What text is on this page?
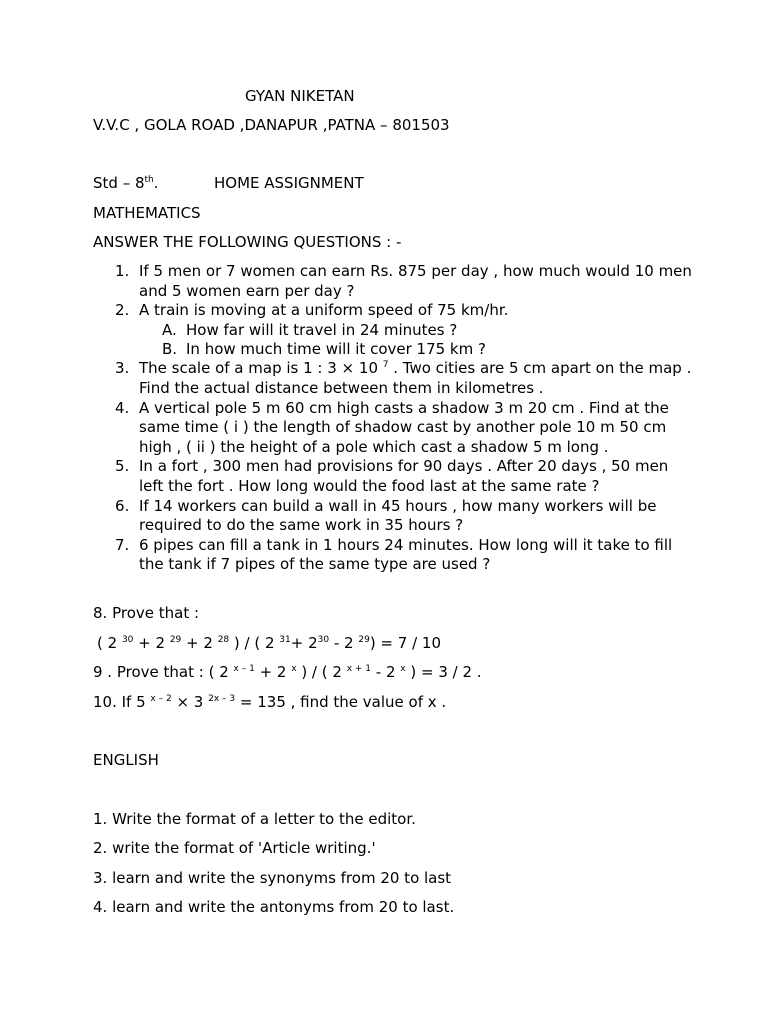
GYAN NIKETAN
V.V.C , GOLA ROAD ,DANAPUR ,PATNA – 801503
Std – 8th.	HOME ASSIGNMENT
MATHEMATICS
ANSWER THE FOLLOWING QUESTIONS : -
1. If 5 men or 7 women can earn Rs. 875 per day , how much would 10 men and 5 women earn per day ?
2. A train is moving at a uniform speed of 75 km/hr.
A. How far will it travel in 24 minutes ?
B. In how much time will it cover 175 km ?
3. The scale of a map is 1 : 3 × 10 $^7$ . Two cities are 5 cm apart on the map . Find the actual distance between them in kilometres .
4. A vertical pole 5 m 60 cm high casts a shadow 3 m 20 cm . Find at the same time ( i ) the length of shadow cast by another pole 10 m 50 cm high , ( ii ) the height of a pole which cast a shadow 5 m long .
5. In a fort , 300 men had provisions for 90 days . After 20 days , 50 men left the fort . How long would the food last at the same rate ?
6. If 14 workers can build a wall in 45 hours , how many workers will be required to do the same work in 35 hours ?
7. 6 pipes can fill a tank in 1 hours 24 minutes. How long will it take to fill the tank if 7 pipes of the same type are used ?
8. Prove that :
( 2 $^{30}$ + 2 $^{29}$ + 2 $^{28}$ ) / ( 2 $^{31}+ 2^{30} - 2$ $^{29}$) = 7 / 10
9 . Prove that : ( 2 $^{x - 1}$ + 2 $^x$ ) / ( 2 $^{x + 1}$ - 2 $^x$ ) = 3 / 2 .
10. If 5 $^{x - 2}$ × 3 $^{2x - 3}$ = 135 , find the value of x .
ENGLISH
1. Write the format of a letter to the editor.
2. write the format of 'Article writing.'
3. learn and write the synonyms from 20 to last
4. learn and write the antonyms from 20 to last.
